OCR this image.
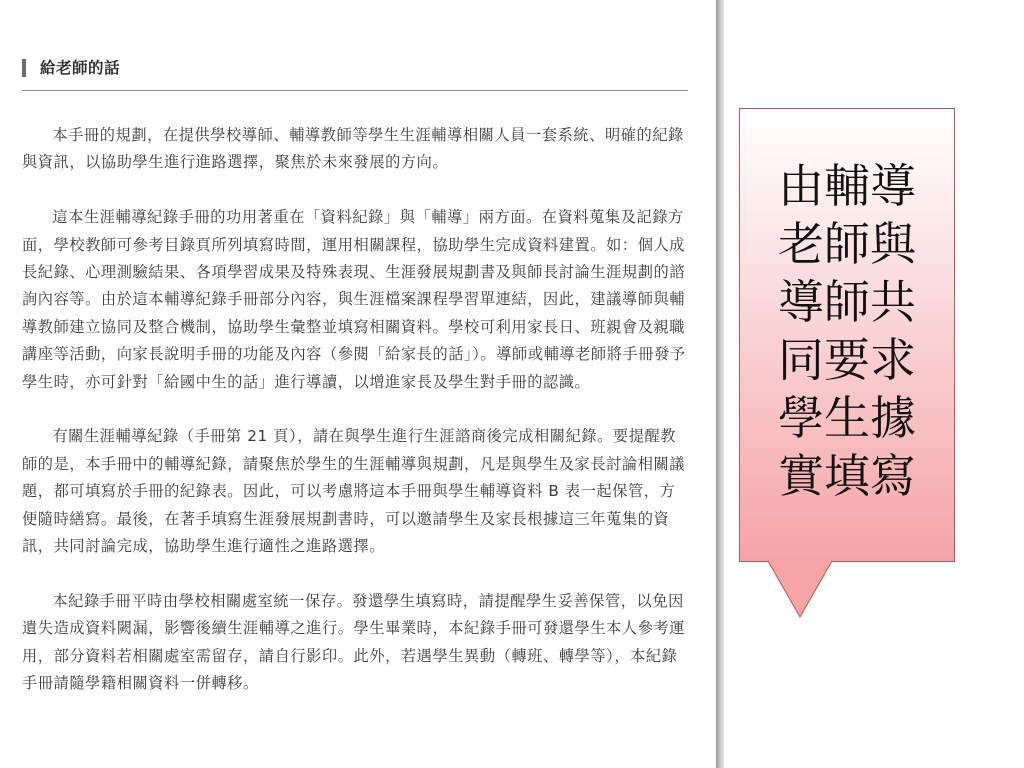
給老師的話

本手冊的規劃，在提供學校導師、輔導教師等學生生涯輔導相關人員一套系統、明確的紀錄與資訊，以協助學生進行進路選擇，聚焦於未來發展的方向。

這本生涯輔導紀錄手冊的功用著重在「資料紀錄」與「輔導」兩方面。在資料蒐集及記錄方面，學校教師可參考目錄頁所列填寫時間，運用相關課程，協助學生完成資料建置。如：個人成長紀錄、心理測驗結果、各項學習成果及特殊表現、生涯發展規劃書及與師長討論生涯規劃的諮詢內容等。由於這本輔導紀錄手冊部分內容，與生涯檔案課程學習單連結，因此，建議導師與輔導教師建立協同及整合機制，協助學生彙整並填寫相關資料。學校可利用家長日、班親會及親職講座等活動，向家長說明手冊的功能及內容（參閱「給家長的話」）。導師或輔導老師將手冊發予學生時，亦可針對「給國中生的話」進行導讀，以增進家長及學生對手冊的認識。

有關生涯輔導紀錄（手冊第 21 頁），請在與學生進行生涯諮商後完成相關紀錄。要提醒教師的是，本手冊中的輔導紀錄，請聚焦於學生的生涯輔導與規劃，凡是與學生及家長討論相關議題，都可填寫於手冊的紀錄表。因此，可以考慮將這本手冊與學生輔導資料 B 表一起保管，方便隨時繕寫。最後，在著手填寫生涯發展規劃書時，可以邀請學生及家長根據這三年蒐集的資訊，共同討論完成，協助學生進行適性之進路選擇。

本紀錄手冊平時由學校相關處室統一保存。發還學生填寫時，請提醒學生妥善保管，以免因遺失造成資料闕漏，影響後續生涯輔導之進行。學生畢業時，本紀錄手冊可發還學生本人參考運用，部分資料若相關處室需留存，請自行影印。此外，若遇學生異動（轉班、轉學等），本紀錄手冊請隨學籍相關資料一併轉移。

由輔導
老師與
導師共
同要求
學生據
實填寫
